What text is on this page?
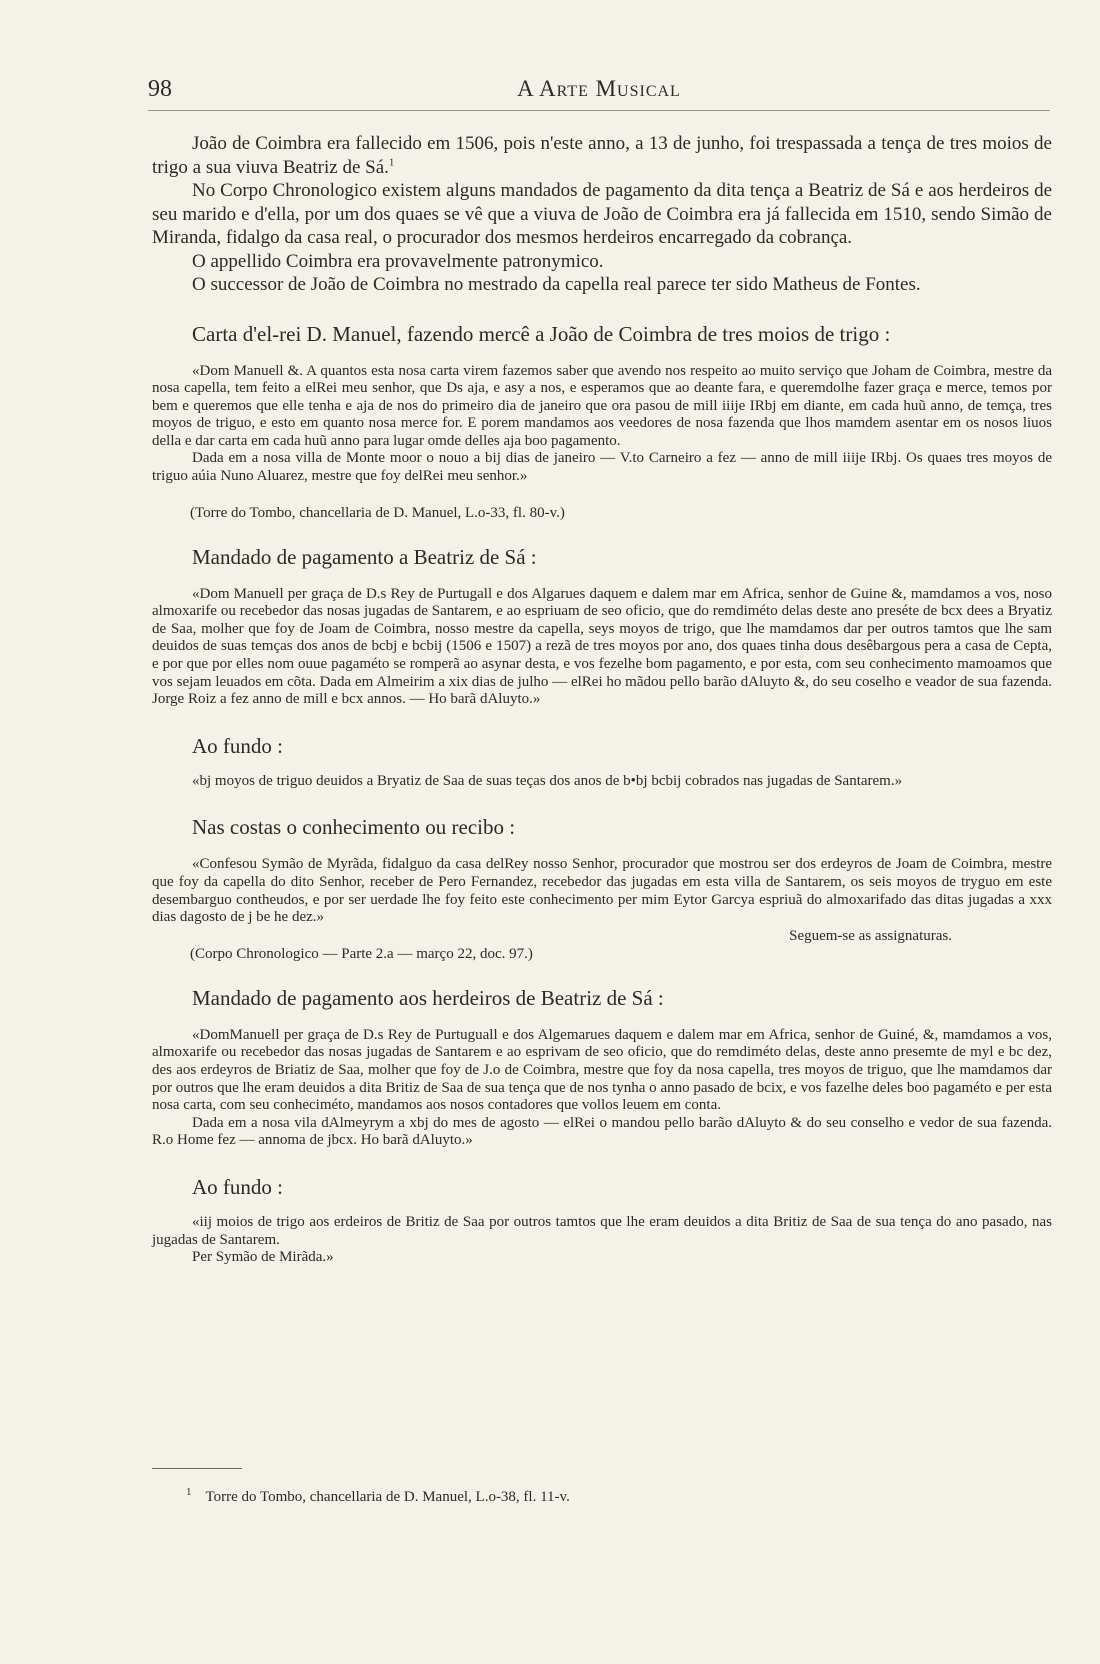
98	A Arte Musical

João de Coimbra era fallecido em 1506, pois n'este anno, a 13 de junho, foi trespassada a tença de tres moios de trigo a sua viuva Beatriz de Sá.$^1$

No Corpo Chronologico existem alguns mandados de pagamento da dita tença a Beatriz de Sá e aos herdeiros de seu marido e d'ella, por um dos quaes se vê que a viuva de João de Coimbra era já fallecida em 1510, sendo Simão de Miranda, fidalgo da casa real, o procurador dos mesmos herdeiros encarregado da cobrança.

O appellido Coimbra era provavelmente patronymico.

O successor de João de Coimbra no mestrado da capella real parece ter sido Matheus de Fontes.

Carta d'el-rei D. Manuel, fazendo mercê a João de Coimbra de tres moios de trigo :

«Dom Manuell &. A quantos esta nosa carta virem fazemos saber que avendo nos respeito ao muito serviço que Joham de Coimbra, mestre da nosa capella, tem feito a elRei meu senhor, que Ds aja, e asy a nos, e esperamos que ao deante fara, e queremdolhe fazer graça e merce, temos por bem e queremos que elle tenha e aja de nos do primeiro dia de janeiro que ora pasou de mill iiije IRbj em diante, em cada huũ anno, de temça, tres moyos de triguo, e esto em quanto nosa merce for. E porem mandamos aos veedores de nosa fazenda que lhos mamdem asentar em os nosos liuos della e dar carta em cada huũ anno para lugar omde delles aja boo pagamento.

Dada em a nosa villa de Monte moor o nouo a bij dias de janeiro — V.to Carneiro a fez — anno de mill iiije IRbj. Os quaes tres moyos de triguo aúia Nuno Aluarez, mestre que foy delRei meu senhor.»

(Torre do Tombo, chancellaria de D. Manuel, L.o-33, fl. 80-v.)

Mandado de pagamento a Beatriz de Sá :

«Dom Manuell per graça de D.s Rey de Purtugall e dos Algarues daquem e dalem mar em Africa, senhor de Guine &, mamdamos a vos, noso almoxarife ou recebedor das nosas jugadas de Santarem, e ao espriuam de seo oficio, que do remdiméto delas deste ano preséte de bcx dees a Bryatiz de Saa, molher que foy de Joam de Coimbra, nosso mestre da capella, seys moyos de trigo, que lhe mamdamos dar per outros tamtos que lhe sam deuidos de suas temças dos anos de bcbj e bcbij (1506 e 1507) a rezã de tres moyos por ano, dos quaes tinha dous desêbargous pera a casa de Cepta, e por que por elles nom ouue pagaméto se romperã ao asynar desta, e vos fezelhe bom pagamento, e por esta, com seu conhecimento mamoamos que vos sejam leuados em cõta. Dada em Almeirim a xix dias de julho — elRei ho mãdou pello barão dAluyto &, do seu coselho e veador de sua fazenda. Jorge Roiz a fez anno de mill e bcx annos. — Ho barã dAluyto.»

Ao fundo :

«bj moyos de triguo deuidos a Bryatiz de Saa de suas teças dos anos de b•bj bcbij cobrados nas jugadas de Santarem.»

Nas costas o conhecimento ou recibo :

«Confesou Symão de Myrãda, fidalguo da casa delRey nosso Senhor, procurador que mostrou ser dos erdeyros de Joam de Coimbra, mestre que foy da capella do dito Senhor, receber de Pero Fernandez, recebedor das jugadas em esta villa de Santarem, os seis moyos de tryguo em este desembarguo contheudos, e por ser uerdade lhe foy feito este conhecimento per mim Eytor Garcya espriuã do almoxarifado das ditas jugadas a xxx dias dagosto de j be he dez.»

Seguem-se as assignaturas.

(Corpo Chronologico — Parte 2.a — março 22, doc. 97.)

Mandado de pagamento aos herdeiros de Beatriz de Sá :

«DomManuell per graça de D.s Rey de Purtuguall e dos Algemarues daquem e dalem mar em Africa, senhor de Guiné, &, mamdamos a vos, almoxarife ou recebedor das nosas jugadas de Santarem e ao esprivam de seo oficio, que do remdiméto delas, deste anno presemte de myl e bc dez, des aos erdeyros de Briatiz de Saa, molher que foy de J.o de Coimbra, mestre que foy da nosa capella, tres moyos de triguo, que lhe mamdamos dar por outros que lhe eram deuidos a dita Britiz de Saa de sua tença que de nos tynha o anno pasado de bcix, e vos fazelhe deles boo pagaméto e per esta nosa carta, com seu conheciméto, mandamos aos nosos contadores que vollos leuem em conta.

Dada em a nosa vila dAlmeyrym a xbj do mes de agosto — elRei o mandou pello barão dAluyto & do seu conselho e vedor de sua fazenda. R.o Home fez — annoma de jbcx. Ho barã dAluyto.»

Ao fundo :

«iij moios de trigo aos erdeiros de Britiz de Saa por outros tamtos que lhe eram deuidos a dita Britiz de Saa de sua tença do ano pasado, nas jugadas de Santarem.

Per Symão de Mirãda.»

$^1$ Torre do Tombo, chancellaria de D. Manuel, L.o-38, fl. 11-v.
